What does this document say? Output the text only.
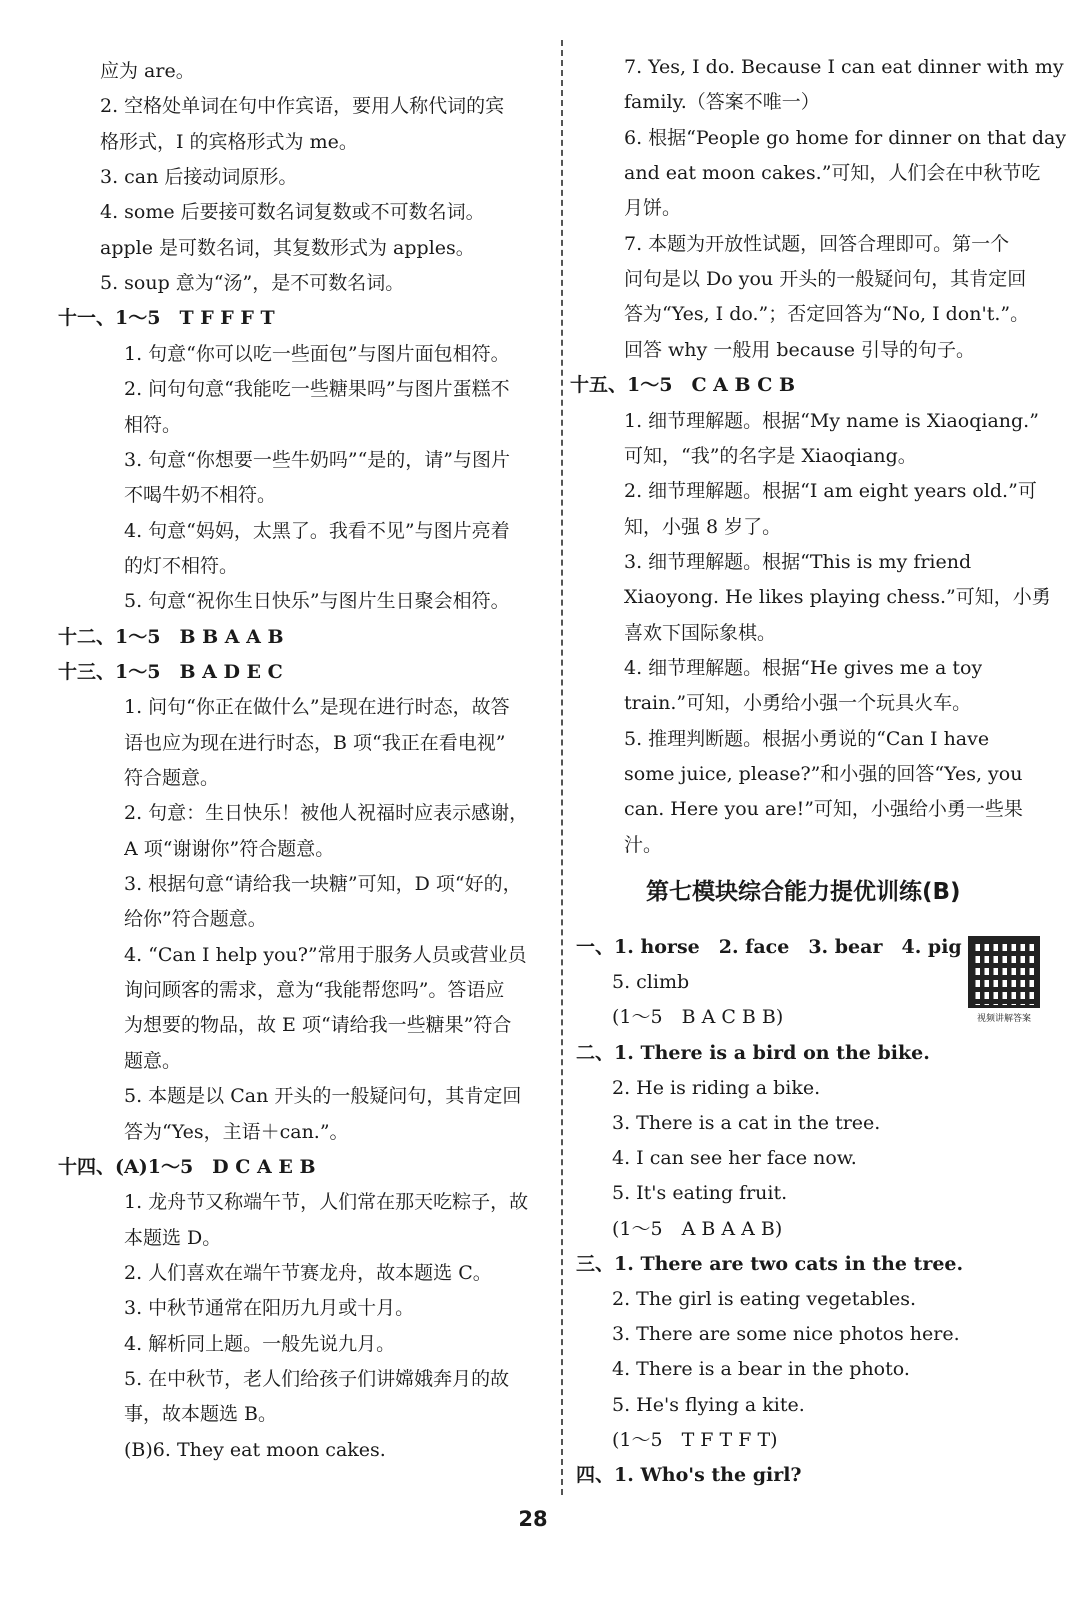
应为 are。
2. 空格处单词在句中作宾语，要用人称代词的宾
格形式，I 的宾格形式为 me。
3. can 后接动词原形。
4. some 后要接可数名词复数或不可数名词。
apple 是可数名词，其复数形式为 apples。
5. soup 意为“汤”，是不可数名词。
十一、1～5　T F F F T
1. 句意“你可以吃一些面包”与图片面包相符。
2. 问句句意“我能吃一些糖果吗”与图片蛋糕不
相符。
3. 句意“你想要一些牛奶吗”“是的，请”与图片
不喝牛奶不相符。
4. 句意“妈妈，太黑了。我看不见”与图片亮着
的灯不相符。
5. 句意“祝你生日快乐”与图片生日聚会相符。
十二、1～5　B B A A B
十三、1～5　B A D E C
1. 问句“你正在做什么”是现在进行时态，故答
语也应为现在进行时态，B 项“我正在看电视”
符合题意。
2. 句意：生日快乐！被他人祝福时应表示感谢，
A 项“谢谢你”符合题意。
3. 根据句意“请给我一块糖”可知，D 项“好的，
给你”符合题意。
4. “Can I help you?”常用于服务人员或营业员
询问顾客的需求，意为“我能帮您吗”。答语应
为想要的物品，故 E 项“请给我一些糖果”符合
题意。
5. 本题是以 Can 开头的一般疑问句，其肯定回
答为“Yes，主语＋can.”。
十四、(A)1～5　D C A E B
1. 龙舟节又称端午节，人们常在那天吃粽子，故
本题选 D。
2. 人们喜欢在端午节赛龙舟，故本题选 C。
3. 中秋节通常在阳历九月或十月。
4. 解析同上题。一般先说九月。
5. 在中秋节，老人们给孩子们讲嫦娥奔月的故
事，故本题选 B。
(B)6. They eat moon cakes.
第七模块综合能力提优训练(B)
视频讲解答案
7. Yes, I do. Because I can eat dinner with my
family.（答案不唯一）
6. 根据“People go home for dinner on that day
and eat moon cakes.”可知，人们会在中秋节吃
月饼。
7. 本题为开放性试题，回答合理即可。第一个
问句是以 Do you 开头的一般疑问句，其肯定回
答为“Yes, I do.”；否定回答为“No, I don't.”。
回答 why 一般用 because 引导的句子。
十五、1～5　C A B C B
1. 细节理解题。根据“My name is Xiaoqiang.”
可知，“我”的名字是 Xiaoqiang。
2. 细节理解题。根据“I am eight years old.”可
知，小强 8 岁了。
3. 细节理解题。根据“This is my friend
Xiaoyong. He likes playing chess.”可知，小勇
喜欢下国际象棋。
4. 细节理解题。根据“He gives me a toy
train.”可知，小勇给小强一个玩具火车。
5. 推理判断题。根据小勇说的“Can I have
some juice, please?”和小强的回答“Yes, you
can. Here you are!”可知，小强给小勇一些果
汁。
一、1. horse　2. face　3. bear　4. pig
5. climb
(1～5　B A C B B)
二、1. There is a bird on the bike.
2. He is riding a bike.
3. There is a cat in the tree.
4. I can see her face now.
5. It's eating fruit.
(1～5　A B A A B)
三、1. There are two cats in the tree.
2. The girl is eating vegetables.
3. There are some nice photos here.
4. There is a bear in the photo.
5. He's flying a kite.
(1～5　T F T F T)
四、1. Who's the girl?
28
